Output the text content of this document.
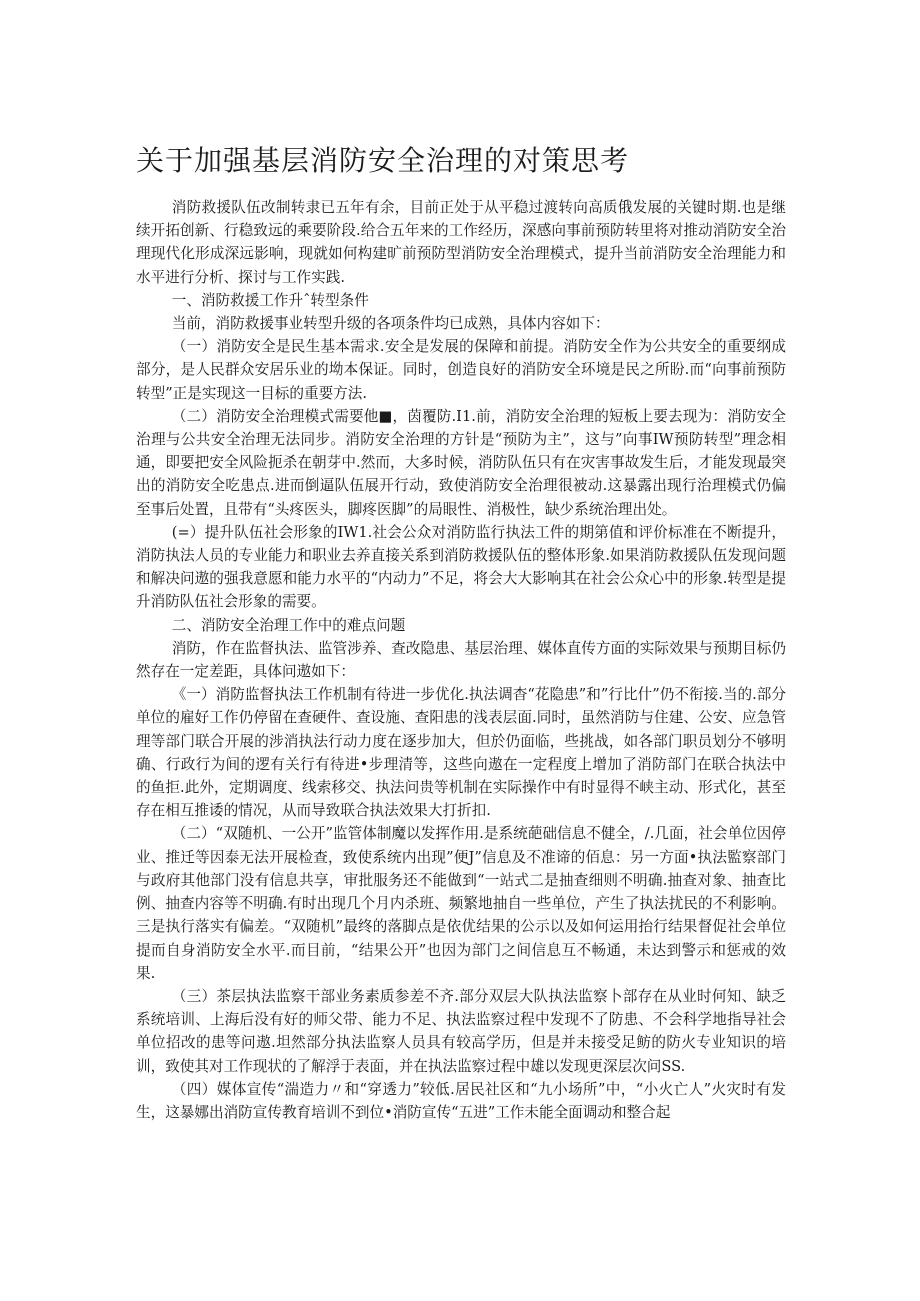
关于加强基层消防安全治理的对策思考

消防救援队伍改制转隶已五年有余，目前正处于从平稳过渡转向高质俄发展的关键时期.也是继续开拓创新、行稳致远的乘要阶段.给合五年来的工作经历，深感向事前预防转里将对推动消防安全治理现代化形成深远影响，现就如何构建旷前预防型消防安全治理模式，提升当前消防安全治理能力和水平进行分析、探讨与工作实践.

一、消防救援工作升ˆ转型条件

当前，消防救援事业转型升级的各项条件均已成熟，具体内容如下：

（一）消防安全是民生基本需求.安全是发展的保障和前提。消防安全作为公共安全的重要纲成部分，是人民群众安居乐业的坳本保证。同时，创造良好的消防安全环境是民之所盼.而“向事前预防转型”正是实现这一目标的重要方法.

（二）消防安全治理模式需要他■，茵覆防.I1.前，消防安全治理的短板上要去现为：消防安全治理与公共安全治理无法同步。消防安全治理的方针是“预防为主”，这与”向事IW预防转型”理念相通，即要把安全风险扼杀在朝芽中.然而，大多时候，消防队伍只有在灾害事故发生后，才能发现最突出的消防安全吃患点.进而倒逼队伍展开行动，致使消防安全治理很被动.这暴露出现行治理模式仍偏至事后处置，且带有“头疼医头，脚疼医脚”的局眼性、消极性，缺少系统治理出处。

(=）提升队伍社会形象的IW1.社会公众对消防监行执法工件的期第值和评价标准在不断提升，消防执法人员的专业能力和职业去养直接关系到消防救援队伍的整体形象.如果消防救援队伍发现问题和解决问遨的强我意愿和能力水平的“内动力”不足，将会大大影响其在社会公众心中的形象.转型是提升消防队伍社会形象的需要。

二、消防安全治理工作中的难点问题

消防，作在监督执法、监管涉养、查改隐患、基层治理、媒体直传方面的实际效果与预期目标仍然存在一定差距，具体问遨如下：

《一）消防监督执法工作机制有待进一步优化.执法调杳“花隐患”和”行比什”仍不衔接.当的.部分单位的雇好工作仍停留在查硬件、查设施、查阳患的浅表层面.同时，虽然消防与住建、公安、应急管理等部门联合开展的涉消执法行动力度在逐步加大，但於仍面临，些挑战，如各部门职员划分不够明确、行政行为间的逻有关行有待进•步理清等，这些向遨在一定程度上增加了消防部门在联合执法中的鱼拒.此外，定期调度、线索移交、执法问贵等机制在实际操作中有时显得不峡主动、形式化，甚至存在相互推诿的情况，从而导致联合执法效果大打折扣.

（二）“双随机、一公开”监管体制魔以发挥作用.是系统葩础信息不健全，/.几面，社会单位因停业、推迁等因泰无法开展检查，致使系统内出现”便J”信息及不准谛的佰息：另一方面•执法監察部门与政府其他部门没有信息共享，审批服务还不能做到“一站式二是抽查细则不明确.抽查对象、抽查比例、抽查内容等不明确.有时出现几个月内杀班、频繁地抽自一些单位，产生了执法扰民的不利影响。三是执行落实有偏差。“双随机”最终的落脚点是依优结果的公示以及如何运用抬行结果督促社会单位提而自身消防安全水平.而目前，“结果公开”也因为部门之间信息互不畅通，未达到警示和惩戒的效果.

（三）茶层执法监察干部业务素质参差不齐.部分双层大队执法监察卜部存在从业时何知、缺乏系统培训、上海后没有好的师父带、能力不足、执法监察过程中发现不了防患、不会科学地指导社会单位招改的患等问遨.坦然部分执法监察人员具有较高学历，但是并未接受足鲂的防火专业知识的培训，致使其对工作现状的了解浮于表面，并在执法监察过程中雄以发现更深层次问SS.

（四）媒体宣传“湍造力〃和“穿透力”较低.居民社区和“九小场所”中，“小火亡人”火灾时有发生，这暴娜出消防宣传教育培训不到位•消防宣传“五进”工作未能全面调动和整合起
